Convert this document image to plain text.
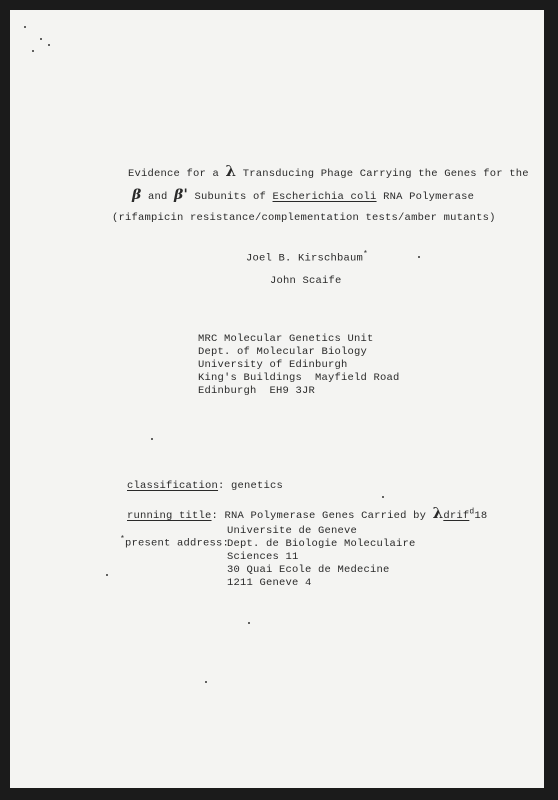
Evidence for a λ Transducing Phage Carrying the Genes for the

β and β' Subunits of Escherichia coli RNA Polymerase

(rifampicin resistance/complementation tests/amber mutants)

Joel B. Kirschbaum*

John Scaife

MRC Molecular Genetics Unit
Dept. of Molecular Biology
University of Edinburgh
King's Buildings  Mayfield Road
Edinburgh  EH9 3JR

classification: genetics

running title: RNA Polymerase Genes Carried by λdrif$^d$18

*present address:

Universite de Geneve
Dept. de Biologie Moleculaire
Sciences 11
30 Quai Ecole de Medecine
1211 Geneve 4
